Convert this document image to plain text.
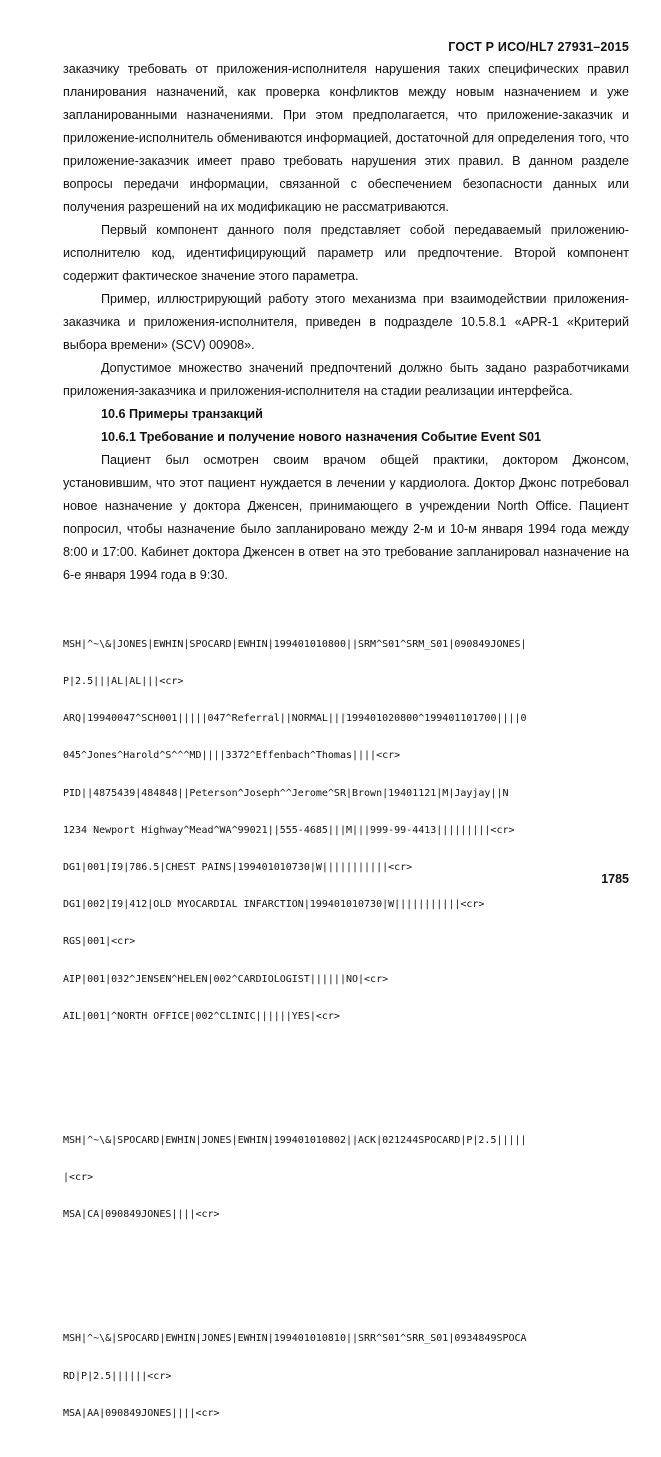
ГОСТ Р ИСО/HL7 27931–2015

заказчику требовать от приложения-исполнителя нарушения таких специфических правил планирования назначений, как проверка конфликтов между новым назначением и уже запланированными назначениями. При этом предполагается, что приложение-заказчик и приложение-исполнитель обмениваются информацией, достаточной для определения того, что приложение-заказчик имеет право требовать нарушения этих правил. В данном разделе вопросы передачи информации, связанной с обеспечением безопасности данных или получения разрешений на их модификацию не рассматриваются.

Первый компонент данного поля представляет собой передаваемый приложению-исполнителю код, идентифицирующий параметр или предпочтение. Второй компонент содержит фактическое значение этого параметра.

Пример, иллюстрирующий работу этого механизма при взаимодействии приложения-заказчика и приложения-исполнителя, приведен в подразделе 10.5.8.1 «APR-1 «Критерий выбора времени» (SCV) 00908».

Допустимое множество значений предпочтений должно быть задано разработчиками приложения-заказчика и приложения-исполнителя на стадии реализации интерфейса.

10.6 Примеры транзакций

10.6.1 Требование и получение нового назначения Событие Event S01

Пациент был осмотрен своим врачом общей практики, доктором Джонсом, установившим, что этот пациент нуждается в лечении у кардиолога. Доктор Джонс потребовал новое назначение у доктора Дженсен, принимающего в учреждении North Office. Пациент попросил, чтобы назначение было запланировано между 2-м и 10-м января 1994 года между 8:00 и 17:00. Кабинет доктора Дженсен в ответ на это требование запланировал назначение на 6-е января 1994 года в 9:30.

MSH|^~\&|JONES|EWHIN|SPOCARD|EWHIN|199401010800||SRM^S01^SRM_S01|090849JONES|

P|2.5|||AL|AL|||<cr>

ARQ|19940047^SCH001|||||047^Referral||NORMAL|||199401020800^199401101700||||0

045^Jones^Harold^S^^^MD||||3372^Effenbach^Thomas||||<cr>

PID||4875439|484848||Peterson^Joseph^^Jerome^SR|Brown|19401121|M|Jayjay||N

1234 Newport Highway^Mead^WA^99021||555-4685|||M|||999-99-4413|||||||||<cr>

DG1|001|I9|786.5|CHEST PAINS|199401010730|W|||||||||||<cr>

DG1|002|I9|412|OLD MYOCARDIAL INFARCTION|199401010730|W|||||||||||<cr>

RGS|001|<cr>

AIP|001|032^JENSEN^HELEN|002^CARDIOLOGIST||||||NO|<cr>

AIL|001|^NORTH OFFICE|002^CLINIC||||||YES|<cr>

MSH|^~\&|SPOCARD|EWHIN|JONES|EWHIN|199401010802||ACK|021244SPOCARD|P|2.5|||||

|<cr>

MSA|CA|090849JONES||||<cr>

MSH|^~\&|SPOCARD|EWHIN|JONES|EWHIN|199401010810||SRR^S01^SRR_S01|0934849SPOCA

RD|P|2.5||||||<cr>

MSA|AA|090849JONES||||<cr>

1785
